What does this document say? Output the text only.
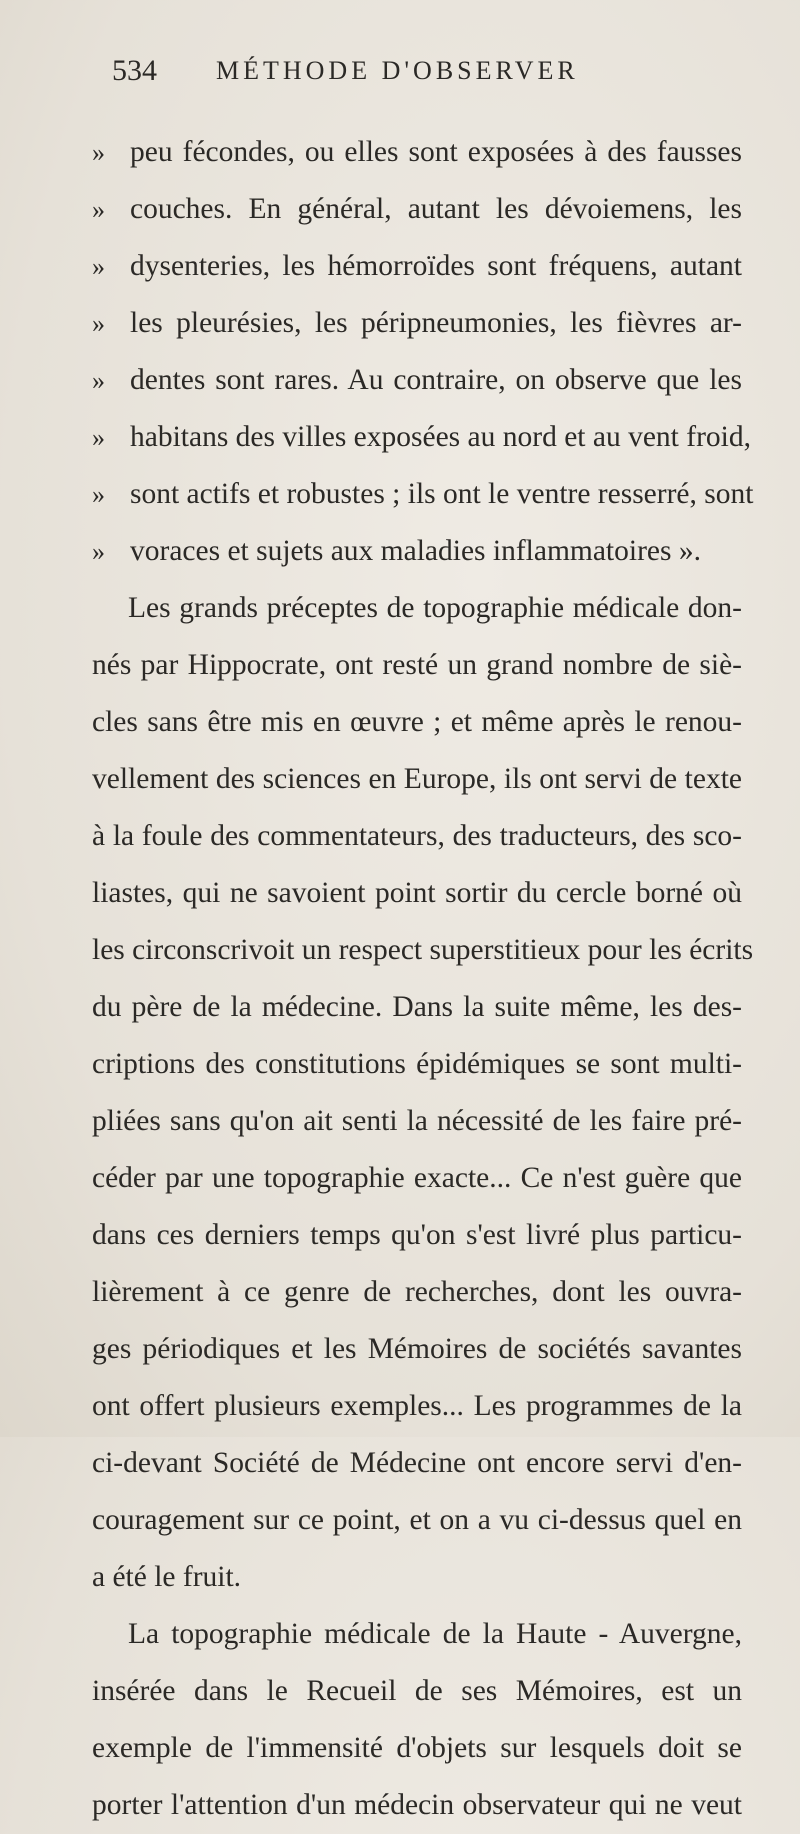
534 MÉTHODE D'OBSERVER
» peu fécondes, ou elles sont exposées à des fausses
» couches. En général, autant les dévoiemens, les
» dysenteries, les hémorroïdes sont fréquens, autant
» les pleurésies, les péripneumonies, les fièvres ar-
» dentes sont rares. Au contraire, on observe que les
» habitans des villes exposées au nord et au vent froid,
» sont actifs et robustes ; ils ont le ventre resserré, sont
» voraces et sujets aux maladies inflammatoires ».
Les grands préceptes de topographie médicale don-
nés par Hippocrate, ont resté un grand nombre de siè-
cles sans être mis en œuvre ; et même après le renou-
vellement des sciences en Europe, ils ont servi de texte
à la foule des commentateurs, des traducteurs, des sco-
liastes, qui ne savoient point sortir du cercle borné où
les circonscrivoit un respect superstitieux pour les écrits
du père de la médecine. Dans la suite même, les des-
criptions des constitutions épidémiques se sont multi-
pliées sans qu'on ait senti la nécessité de les faire pré-
céder par une topographie exacte... Ce n'est guère que
dans ces derniers temps qu'on s'est livré plus particu-
lièrement à ce genre de recherches, dont les ouvra-
ges périodiques et les Mémoires de sociétés savantes
ont offert plusieurs exemples... Les programmes de la
ci-devant Société de Médecine ont encore servi d'en-
couragement sur ce point, et on a vu ci-dessus quel en
a été le fruit.
La topographie médicale de la Haute - Auvergne,
insérée dans le Recueil de ses Mémoires, est un
exemple de l'immensité d'objets sur lesquels doit se
porter l'attention d'un médecin observateur qui ne veut
